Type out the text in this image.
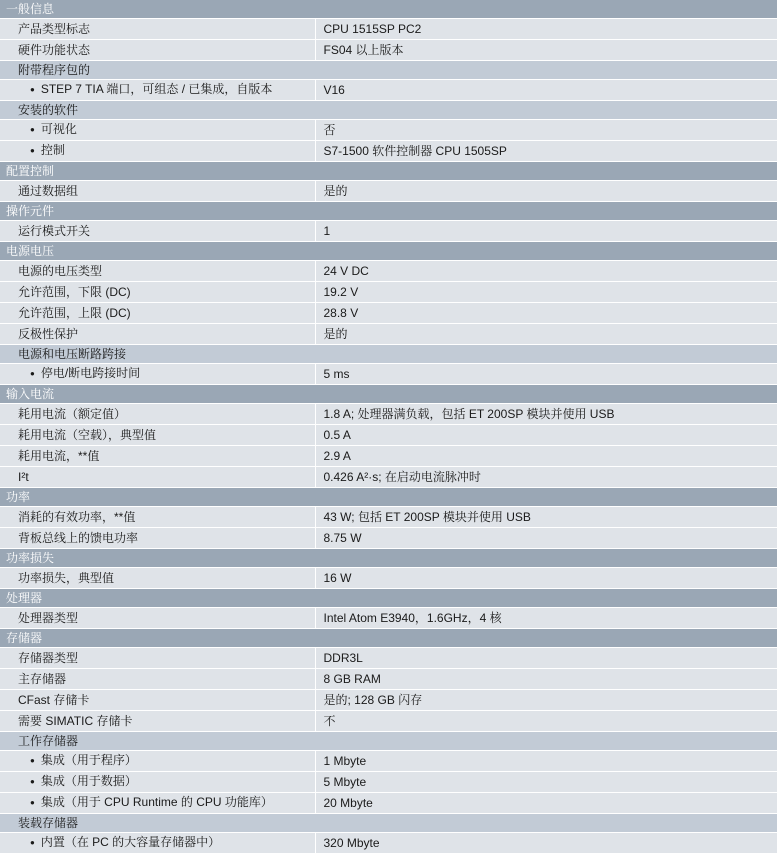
一般信息	
产品类型标志	CPU 1515SP PC2
硬件功能状态	FS04 以上版本
附带程序包的	
● STEP 7 TIA 端口，可组态 / 已集成，自版本	V16
安装的软件	
● 可视化	否
● 控制	S7-1500 软件控制器 CPU 1505SP
配置控制	
通过数据组	是的
操作元件	
运行模式开关	1
电源电压	
电源的电压类型	24 V DC
允许范围，下限 (DC)	19.2 V
允许范围，上限 (DC)	28.8 V
反极性保护	是的
电源和电压断路跨接	
● 停电/断电跨接时间	5 ms
输入电流	
耗用电流（额定值）	1.8 A; 处理器满负载，包括 ET 200SP 模块并使用 USB
耗用电流（空载），典型值	0.5 A
耗用电流，**值	2.9 A
I²t	0.426 A²·s; 在启动电流脉冲时
功率	
消耗的有效功率，**值	43 W; 包括 ET 200SP 模块并使用 USB
背板总线上的馈电功率	8.75 W
功率损失	
功率损失，典型值	16 W
处理器	
处理器类型	Intel Atom E3940，1.6GHz，4 核
存储器	
存储器类型	DDR3L
主存储器	8 GB RAM
CFast 存储卡	是的; 128 GB 闪存
需要 SIMATIC 存储卡	不
工作存储器	
● 集成（用于程序）	1 Mbyte
● 集成（用于数据）	5 Mbyte
● 集成（用于 CPU Runtime 的 CPU 功能库）	20 Mbyte
装载存储器	
● 内置（在 PC 的大容量存储器中）	320 Mbyte
